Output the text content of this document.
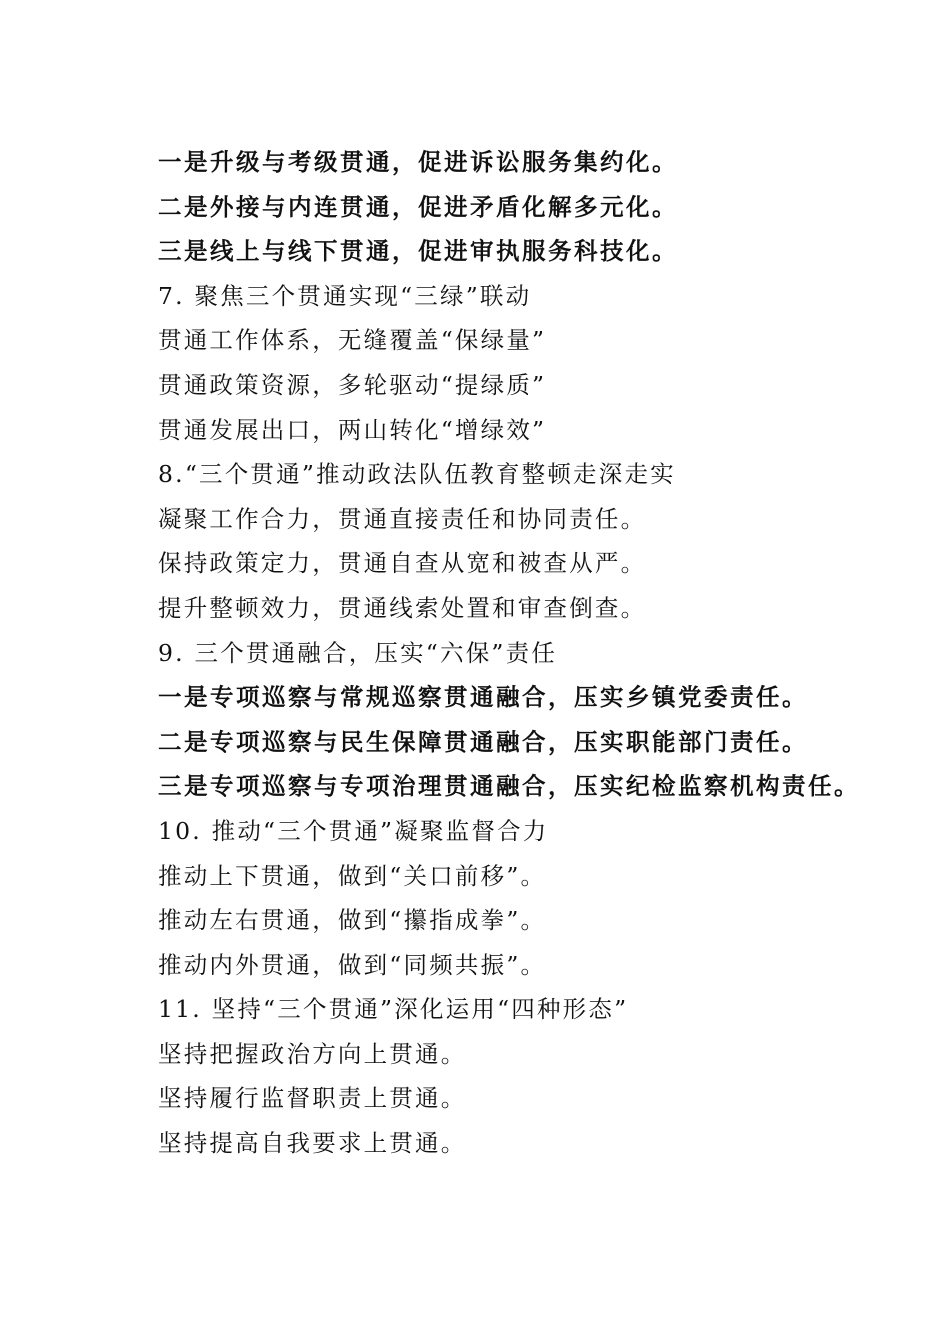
一是升级与考级贯通，促进诉讼服务集约化。
二是外接与内连贯通，促进矛盾化解多元化。
三是线上与线下贯通，促进审执服务科技化。
7. 聚焦三个贯通实现“三绿”联动
贯通工作体系，无缝覆盖“保绿量”
贯通政策资源，多轮驱动“提绿质”
贯通发展出口，两山转化“增绿效”
8.“三个贯通”推动政法队伍教育整顿走深走实
凝聚工作合力，贯通直接责任和协同责任。
保持政策定力，贯通自查从宽和被查从严。
提升整顿效力，贯通线索处置和审查倒查。
9. 三个贯通融合，压实“六保”责任
一是专项巡察与常规巡察贯通融合，压实乡镇党委责任。
二是专项巡察与民生保障贯通融合，压实职能部门责任。
三是专项巡察与专项治理贯通融合，压实纪检监察机构责任。
10. 推动“三个贯通”凝聚监督合力
推动上下贯通，做到“关口前移”。
推动左右贯通，做到“攥指成拳”。
推动内外贯通，做到“同频共振”。
11. 坚持“三个贯通”深化运用“四种形态”
坚持把握政治方向上贯通。
坚持履行监督职责上贯通。
坚持提高自我要求上贯通。
